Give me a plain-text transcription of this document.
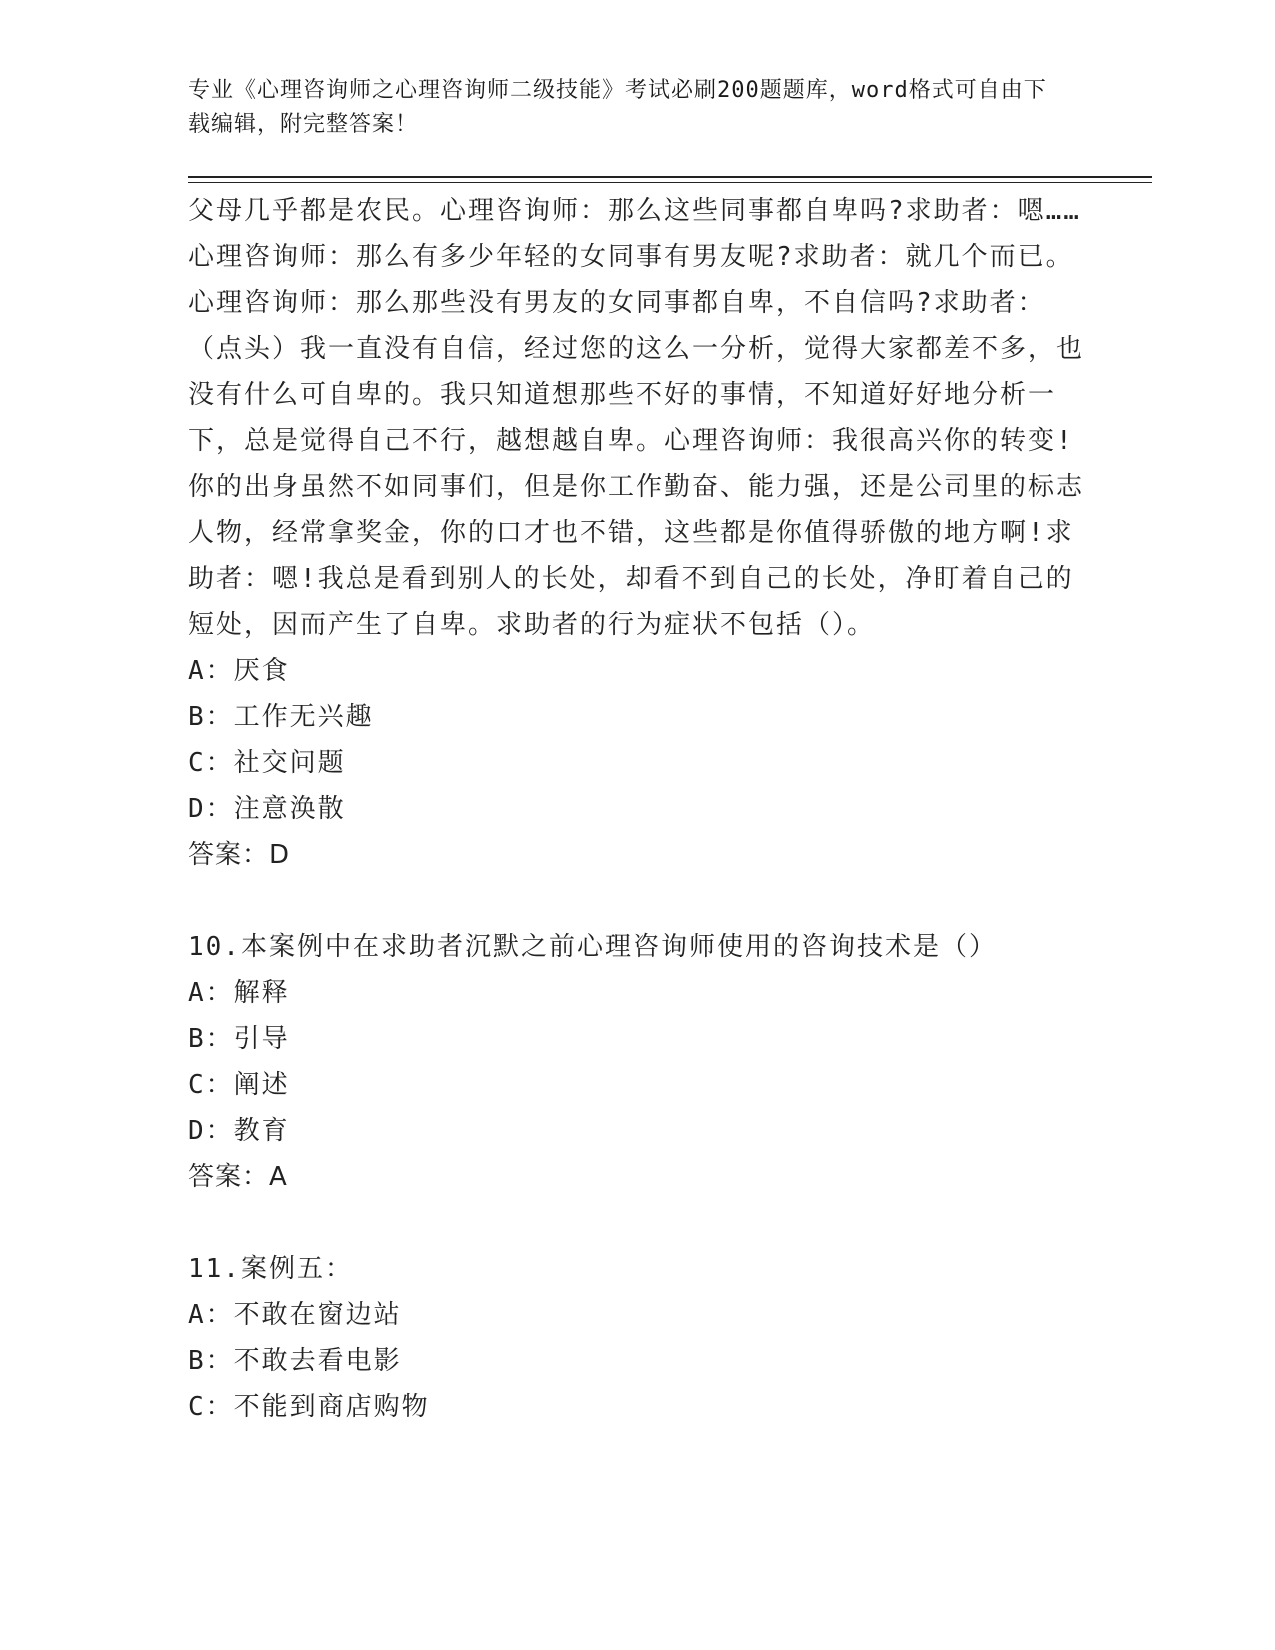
专业《心理咨询师之心理咨询师二级技能》考试必刷200题题库，word格式可自由下载编辑，附完整答案！

父母几乎都是农民。心理咨询师：那么这些同事都自卑吗?求助者：嗯……心理咨询师：那么有多少年轻的女同事有男友呢?求助者：就几个而已。心理咨询师：那么那些没有男友的女同事都自卑，不自信吗?求助者：（点头）我一直没有自信，经过您的这么一分析，觉得大家都差不多，也没有什么可自卑的。我只知道想那些不好的事情，不知道好好地分析一下，总是觉得自己不行，越想越自卑。心理咨询师：我很高兴你的转变!你的出身虽然不如同事们，但是你工作勤奋、能力强，还是公司里的标志人物，经常拿奖金，你的口才也不错，这些都是你值得骄傲的地方啊!求助者：嗯!我总是看到别人的长处，却看不到自己的长处，净盯着自己的短处，因而产生了自卑。求助者的行为症状不包括（）。

A：厌食

B：工作无兴趣

C：社交问题

D：注意涣散

答案：D

10.本案例中在求助者沉默之前心理咨询师使用的咨询技术是（）

A：解释

B：引导

C：阐述

D：教育

答案：A

11.案例五：

A：不敢在窗边站

B：不敢去看电影

C：不能到商店购物
